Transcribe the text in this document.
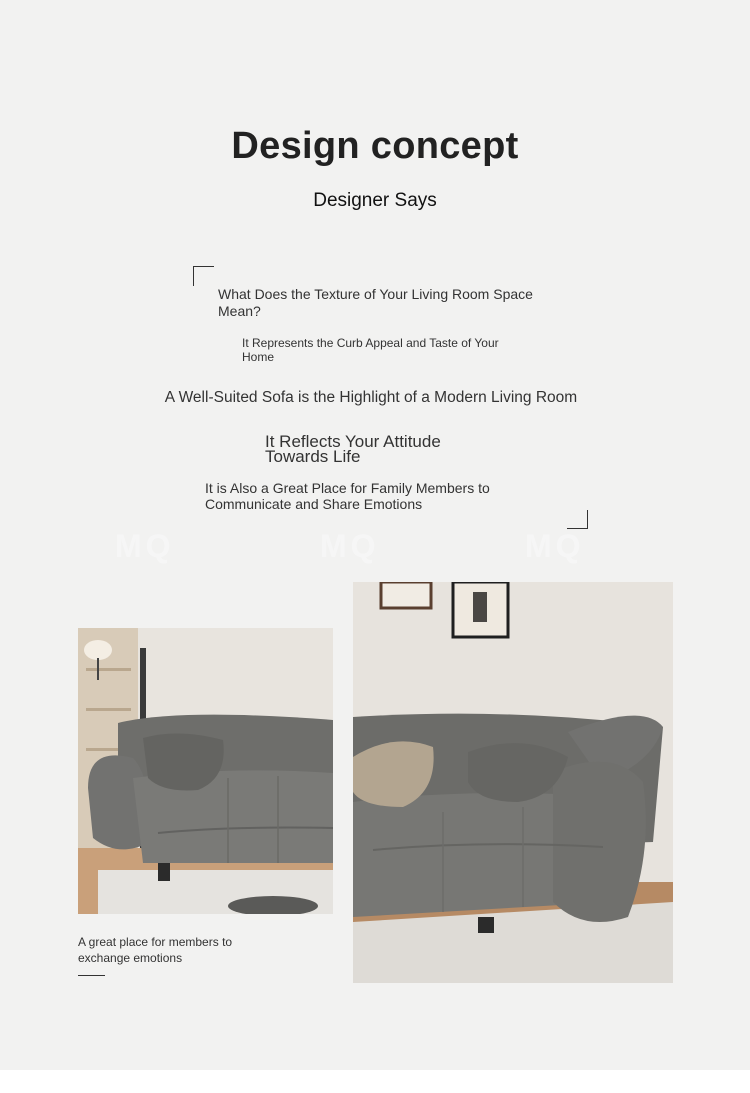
Design concept
Designer Says
What Does the Texture of Your Living Room Space Mean?
It Represents the Curb Appeal and Taste of Your Home
A Well-Suited Sofa is the Highlight of a Modern Living Room
It Reflects Your Attitude Towards Life
It is Also a Great Place for Family Members to Communicate and Share Emotions
MQ	MQ	MQ
A great place for members to exchange emotions
